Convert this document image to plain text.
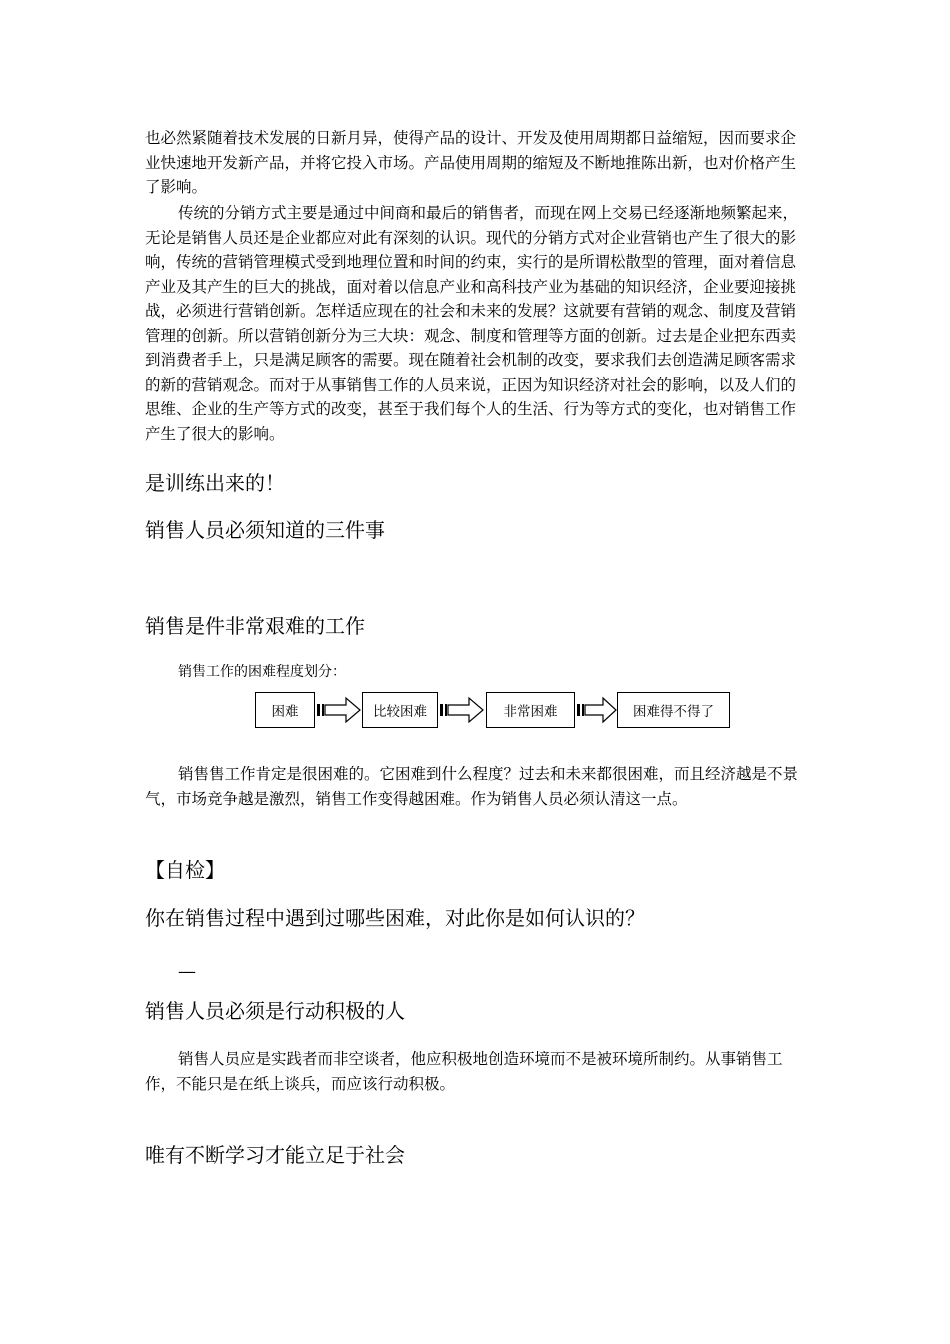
也必然紧随着技术发展的日新月异，使得产品的设计、开发及使用周期都日益缩短，因而要求企业快速地开发新产品，并将它投入市场。产品使用周期的缩短及不断地推陈出新，也对价格产生了影响。

传统的分销方式主要是通过中间商和最后的销售者，而现在网上交易已经逐渐地频繁起来，无论是销售人员还是企业都应对此有深刻的认识。现代的分销方式对企业营销也产生了很大的影响，传统的营销管理模式受到地理位置和时间的约束，实行的是所谓松散型的管理，面对着信息产业及其产生的巨大的挑战，面对着以信息产业和高科技产业为基础的知识经济，企业要迎接挑战，必须进行营销创新。怎样适应现在的社会和未来的发展？这就要有营销的观念、制度及营销管理的创新。所以营销创新分为三大块：观念、制度和管理等方面的创新。过去是企业把东西卖到消费者手上，只是满足顾客的需要。现在随着社会机制的改变，要求我们去创造满足顾客需求的新的营销观念。而对于从事销售工作的人员来说，正因为知识经济对社会的影响，以及人们的思维、企业的生产等方式的改变，甚至于我们每个人的生活、行为等方式的变化，也对销售工作产生了很大的影响。

是训练出来的！
销售人员必须知道的三件事
销售是件非常艰难的工作

销售工作的困难程度划分：

困难	比较困难	非常困难	困难得不得了

销售售工作肯定是很困难的。它困难到什么程度？过去和未来都很困难，而且经济越是不景气，市场竞争越是激烈，销售工作变得越困难。作为销售人员必须认清这一点。

【自检】
你在销售过程中遇到过哪些困难，对此你是如何认识的？

—

销售人员必须是行动积极的人

销售人员应是实践者而非空谈者，他应积极地创造环境而不是被环境所制约。从事销售工作，不能只是在纸上谈兵，而应该行动积极。

唯有不断学习才能立足于社会
